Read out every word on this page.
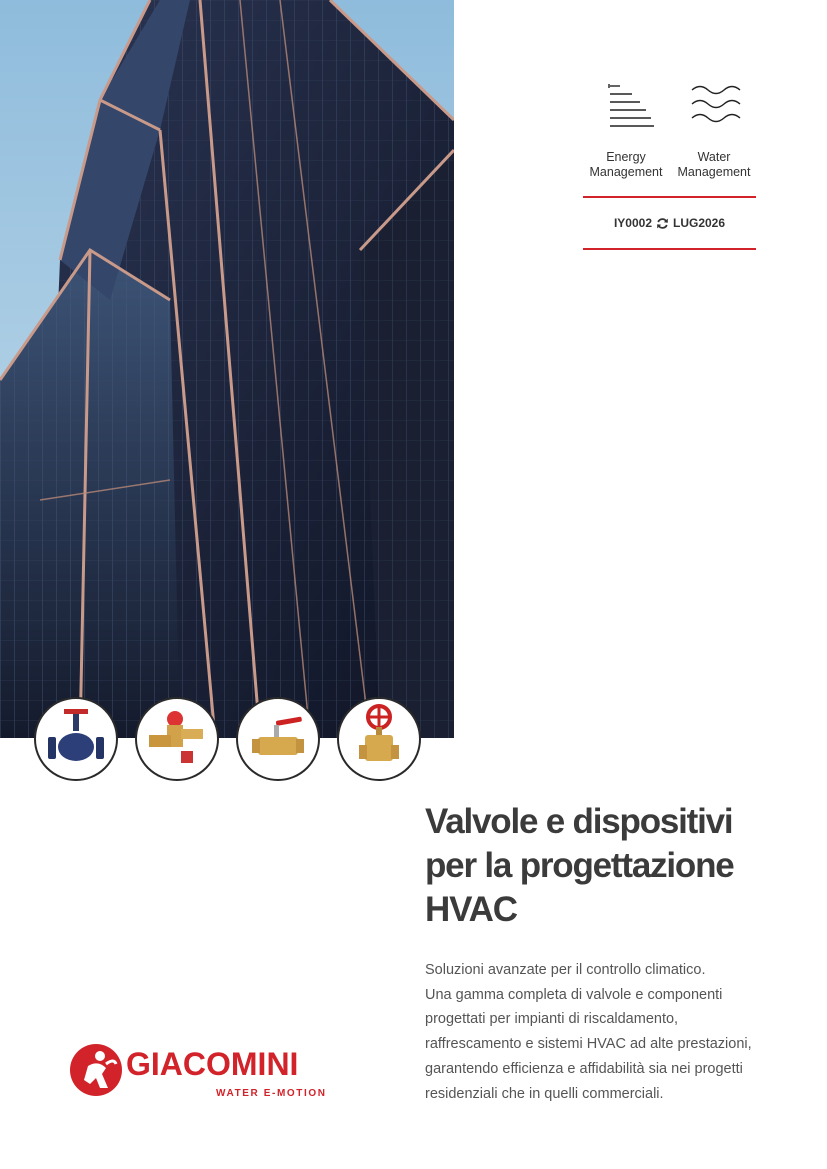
Energy
Management
Water
Management
IY0002 LUG2026
Valvole e dispositivi
per la progettazione
HVAC

Soluzioni avanzate per il controllo climatico.

Una gamma completa di valvole e componenti

progettati per impianti di riscaldamento,

raffrescamento e sistemi HVAC ad alte prestazioni,

garantendo efficienza e affidabilità sia nei progetti

residenziali che in quelli commerciali.

GIACOMINI
WATER E-MOTION
